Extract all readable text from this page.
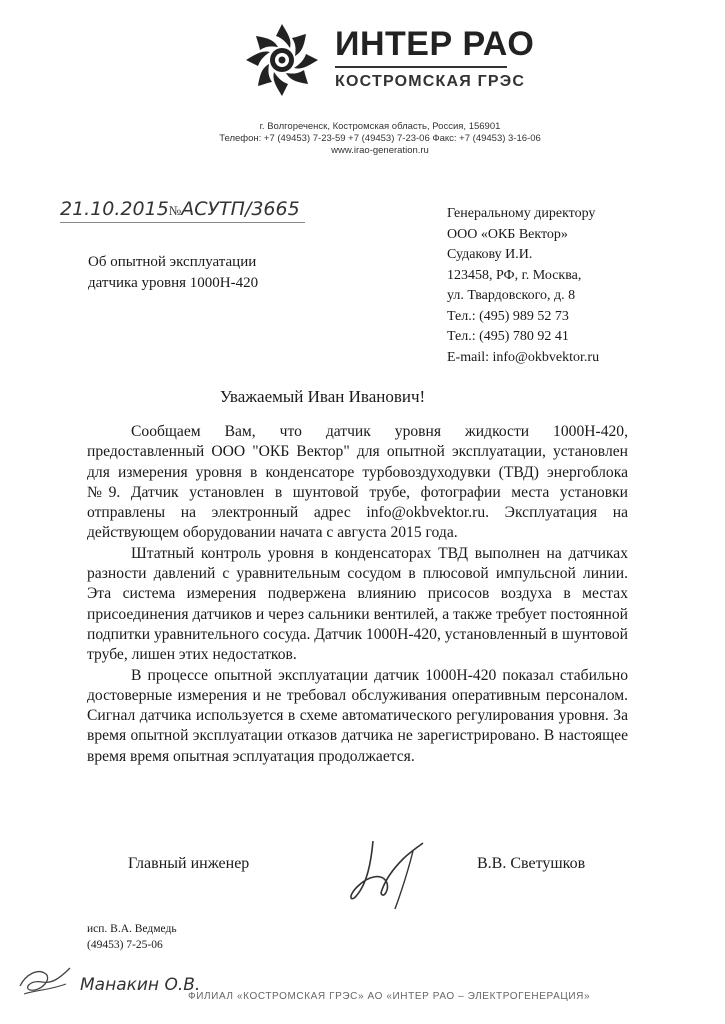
ИНТЕР РАО
КОСТРОМСКАЯ ГРЭС
г. Волгореченск, Костромская область, Россия, 156901
Телефон: +7 (49453) 7-23-59 +7 (49453) 7-23-06 Факс: +7 (49453) 3-16-06
www.irao-generation.ru
21.10.2015№АСУТП/3665
Об опытной эксплуатации
датчика уровня 1000Н-420
Генеральному директору
ООО «ОКБ Вектор»
Судакову И.И.
123458, РФ, г. Москва,
ул. Твардовского, д. 8
Тел.: (495) 989 52 73
Тел.: (495) 780 92 41
E-mail: info@okbvektor.ru
Уважаемый Иван Иванович!

Сообщаем Вам, что датчик уровня жидкости 1000Н-420, предоставленный ООО "ОКБ Вектор" для опытной эксплуатации, установлен для измерения уровня в конденсаторе турбовоздуходувки (ТВД) энергоблока №9. Датчик установлен в шунтовой трубе, фотографии места установки отправлены на электронный адрес info@okbvektor.ru. Эксплуатация на действующем оборудовании начата с августа 2015 года.

Штатный контроль уровня в конденсаторах ТВД выполнен на датчиках разности давлений с уравнительным сосудом в плюсовой импульсной линии. Эта система измерения подвержена влиянию присосов воздуха в местах присоединения датчиков и через сальники вентилей, а также требует постоянной подпитки уравнительного сосуда. Датчик 1000Н-420, установленный в шунтовой трубе, лишен этих недостатков.

В процессе опытной эксплуатации датчик 1000Н-420 показал стабильно достоверные измерения и не требовал обслуживания оперативным персоналом. Сигнал датчика используется в схеме автоматического регулирования уровня. За время опытной эксплуатации отказов датчика не зарегистрировано. В настоящее время время опытная эсплуатация продолжается.

Главный инженер	В.В. Светушков
исп. В.А. Ведмедь
(49453) 7-25-06
Манакин О.В.
ФИЛИАЛ «КОСТРОМСКАЯ ГРЭС» АО «ИНТЕР РАО – ЭЛЕКТРОГЕНЕРАЦИЯ»
